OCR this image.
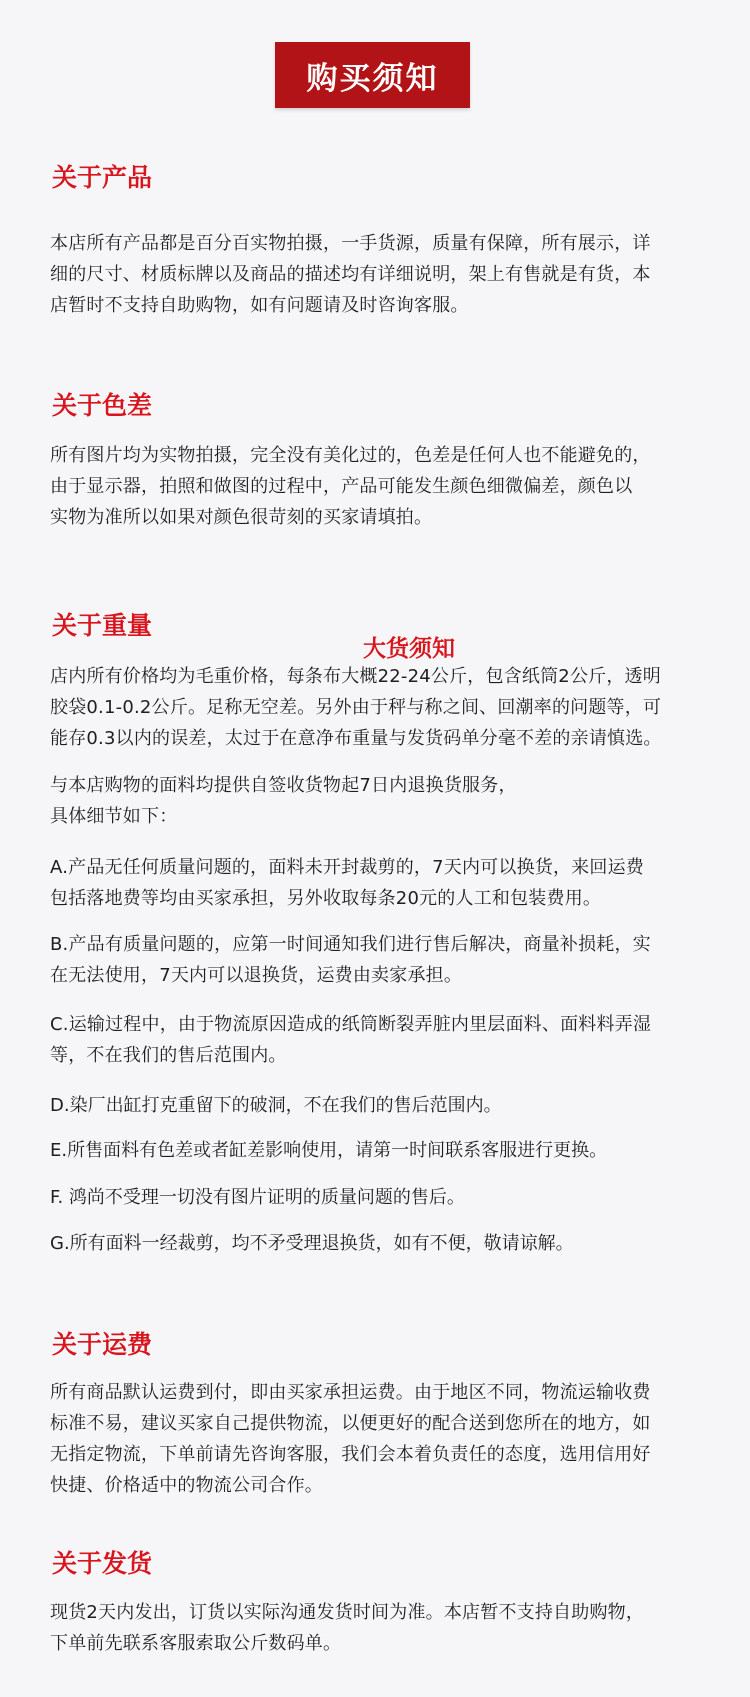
购买须知
关于产品
本店所有产品都是百分百实物拍摄，一手货源，质量有保障，所有展示，详
细的尺寸、材质标牌以及商品的描述均有详细说明，架上有售就是有货，本
店暂时不支持自助购物，如有问题请及时咨询客服。
关于色差
所有图片均为实物拍摄，完全没有美化过的，色差是任何人也不能避免的，
由于显示器，拍照和做图的过程中，产品可能发生颜色细微偏差，颜色以
实物为准所以如果对颜色很苛刻的买家请填拍。
关于重量
大货须知
店内所有价格均为毛重价格，每条布大概22-24公斤，包含纸筒2公斤，透明
胶袋0.1-0.2公斤。足称无空差。另外由于秤与称之间、回潮率的问题等，可
能存0.3以内的误差，太过于在意净布重量与发货码单分毫不差的亲请慎选。
与本店购物的面料均提供自签收货物起7日内退换货服务，
具体细节如下：
A.产品无任何质量问题的，面料未开封裁剪的，7天内可以换货，来回运费
包括落地费等均由买家承担，另外收取每条20元的人工和包装费用。
B.产品有质量问题的，应第一时间通知我们进行售后解决，商量补损耗，实
在无法使用，7天内可以退换货，运费由卖家承担。
C.运输过程中，由于物流原因造成的纸筒断裂弄脏内里层面料、面料料弄湿
等，不在我们的售后范围内。
D.染厂出缸打克重留下的破洞，不在我们的售后范围内。
E.所售面料有色差或者缸差影响使用，请第一时间联系客服进行更换。
F. 鸿尚不受理一切没有图片证明的质量问题的售后。
G.所有面料一经裁剪，均不矛受理退换货，如有不便，敬请谅解。
关于运费
所有商品默认运费到付，即由买家承担运费。由于地区不同，物流运输收费
标准不易，建议买家自己提供物流，以便更好的配合送到您所在的地方，如
无指定物流，下单前请先咨询客服，我们会本着负责任的态度，选用信用好
快捷、价格适中的物流公司合作。
关于发货
现货2天内发出，订货以实际沟通发货时间为准。本店暂不支持自助购物，
下单前先联系客服索取公斤数码单。
